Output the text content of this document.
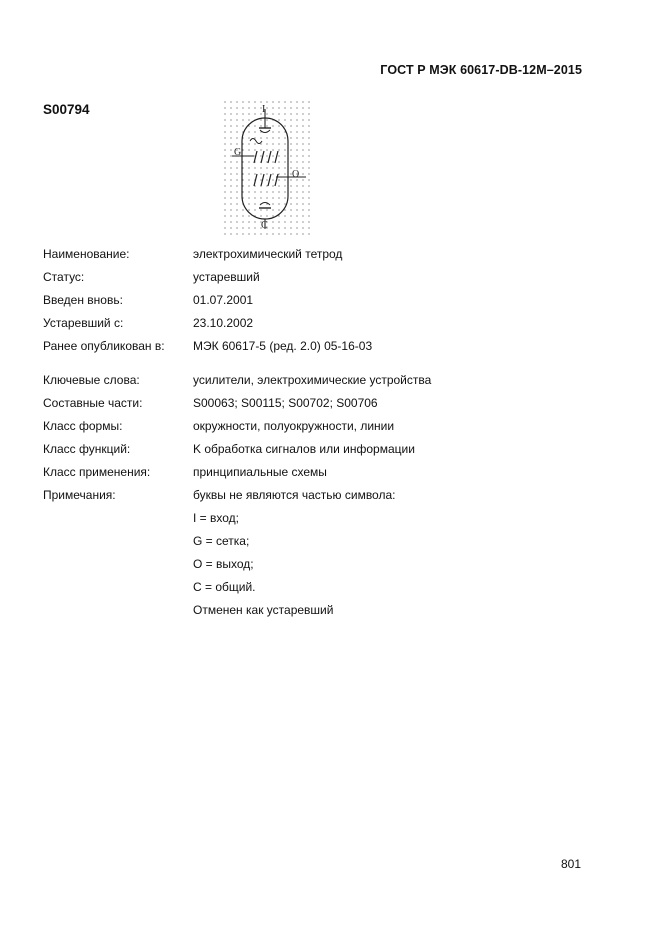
ГОСТ Р МЭК 60617-DB-12M–2015
S00794	I
G
O
C
Наименование:	электрохимический тетрод
Статус:	устаревший
Введен вновь:	01.07.2001
Устаревший с:	23.10.2002
Ранее опубликован в:	МЭК 60617-5 (ред. 2.0) 05-16-03
Ключевые слова:	усилители, электрохимические устройства
Составные части:	S00063; S00115; S00702; S00706
Класс формы:	окружности, полуокружности, линии
Класс функций:	K обработка сигналов или информации
Класс применения:	принципиальные схемы
Примечания:	буквы не являются частью символа:
I = вход;
G = сетка;
O = выход;
C = общий.
Отменен как устаревший
801
